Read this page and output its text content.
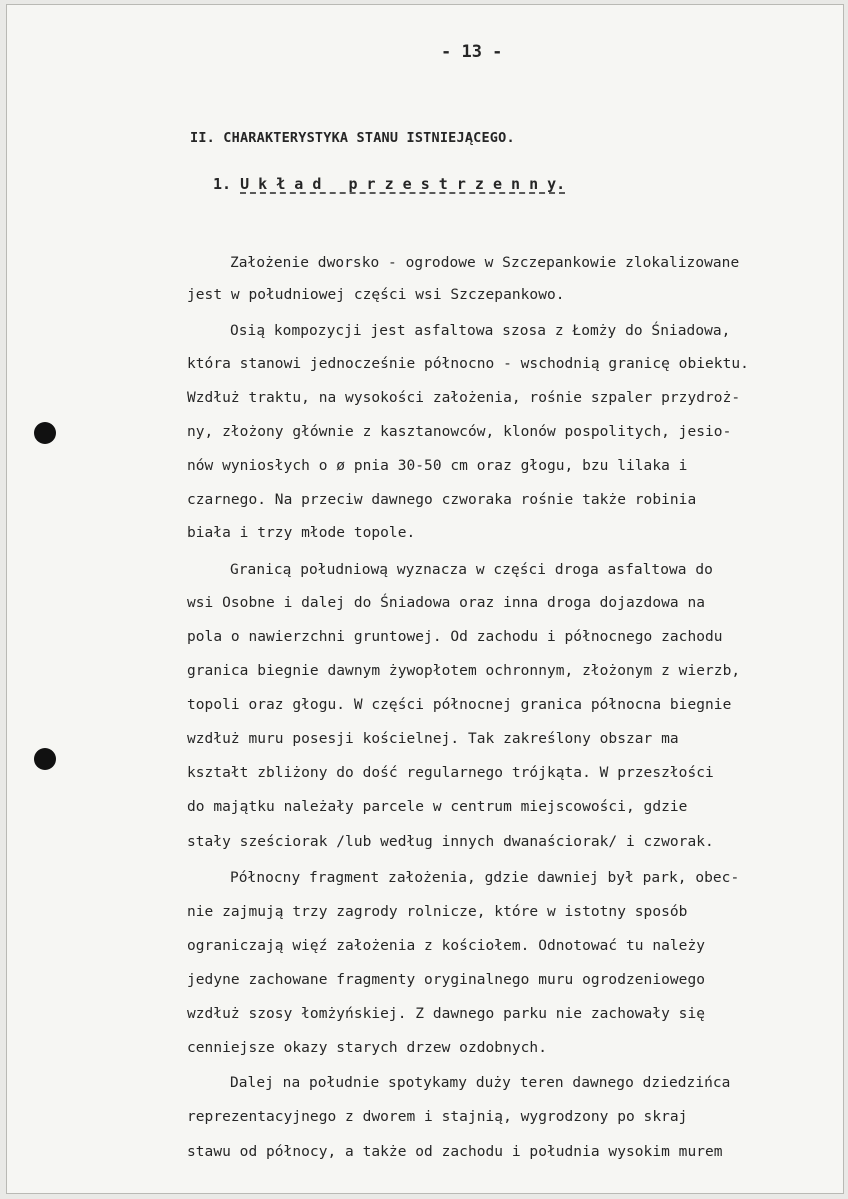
- 13 -
II. CHARAKTERYSTYKA STANU ISTNIEJĄCEGO.
1. U k ł a d   p r z e s t r z e n n y.
Założenie dworsko - ogrodowe w Szczepankowie zlokalizowane
jest w południowej części wsi Szczepankowo.
Osią kompozycji jest asfaltowa szosa z Łomży do Śniadowa,
która stanowi jednocześnie północno - wschodnią granicę obiektu.
Wzdłuż traktu, na wysokości założenia, rośnie szpaler przydroż-
ny, złożony głównie z kasztanowców, klonów pospolitych, jesio-
nów wyniosłych o ø pnia 30-50 cm oraz głogu, bzu lilaka i
czarnego. Na przeciw dawnego czworaka rośnie także robinia
biała i trzy młode topole.
Granicą południową wyznacza w części droga asfaltowa do
wsi Osobne i dalej do Śniadowa oraz inna droga dojazdowa na
pola o nawierzchni gruntowej. Od zachodu i północnego zachodu
granica biegnie dawnym żywopłotem ochronnym, złożonym z wierzb,
topoli oraz głogu. W części północnej granica północna biegnie
wzdłuż muru posesji kościelnej. Tak zakreślony obszar ma
kształt zbliżony do dość regularnego trójkąta. W przeszłości
do majątku należały parcele w centrum miejscowości, gdzie
stały sześciorak /lub według innych dwanaściorak/ i czworak.
Północny fragment założenia, gdzie dawniej był park, obec-
nie zajmują trzy zagrody rolnicze, które w istotny sposób
ograniczają więź założenia z kościołem. Odnotować tu należy
jedyne zachowane fragmenty oryginalnego muru ogrodzeniowego
wzdłuż szosy łomżyńskiej. Z dawnego parku nie zachowały się
cenniejsze okazy starych drzew ozdobnych.
Dalej na południe spotykamy duży teren dawnego dziedzińca
reprezentacyjnego z dworem i stajnią, wygrodzony po skraj
stawu od północy, a także od zachodu i południa wysokim murem
